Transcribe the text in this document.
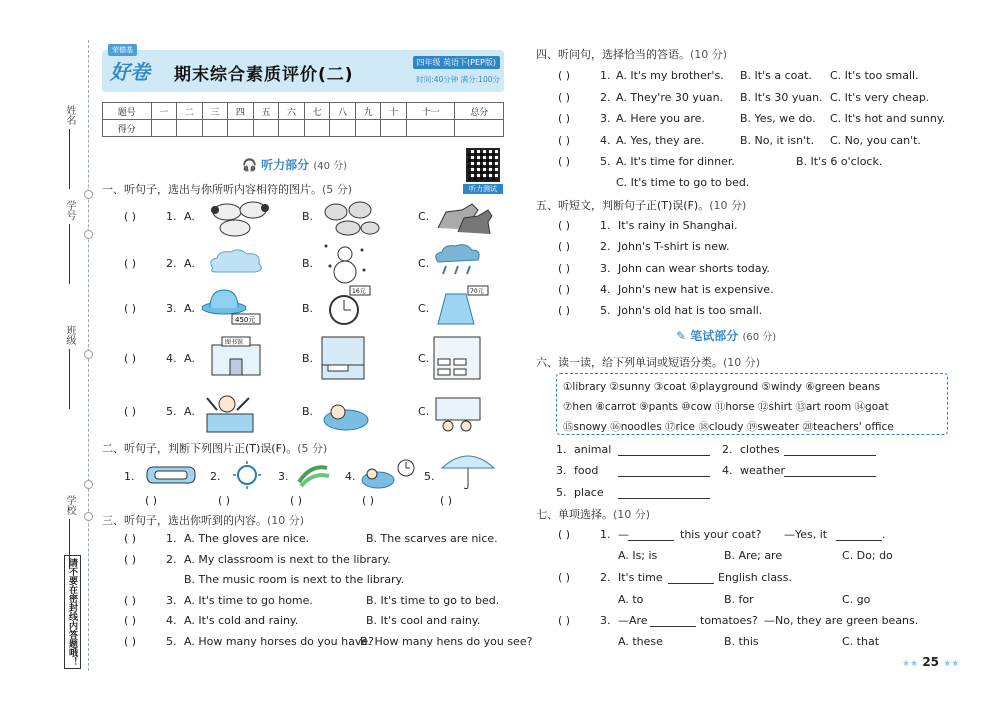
姓名
学号
班级
学校
请不要在密封线内答题哦！
荣德基
好卷 期末综合素质评价(二)
四年级 英语下(PEP版)
时间:40分钟 满分:100分
题号	一	二	三	四	五	六	七	八	九	十	十一	总分
得分												
听力测试
🎧 听力部分 (40 分)
一、听句子，选出与你所听内容相符的图片。(5 分)
( )	1. A.	B.	C.
( )	2. A.	B.	C.
( )	3. A.	B.	C.
( )	4. A.	B.	C.
( )	5. A.	B.	C.
450元
16元	70元
图书馆
二、听句子，判断下列图片正(T)误(F)。(5 分)
1.
( )
2.
( )
3.
( )
4.
( )
5.
( )
三、听句子，选出你听到的内容。(10 分)
( )	1. A. The gloves are nice.	B. The scarves are nice.
( )	2. A. My classroom is next to the library.
B. The music room is next to the library.
( )	3. A. It's time to go home.	B. It's time to go to bed.
( )	4. A. It's cold and rainy.	B. It's cool and rainy.
( )	5. A. How many horses do you have?
B. How many hens do you see?
四、听问句，选择恰当的答语。(10 分)
( )	1. A. It's my brother's. B. It's a coat. C. It's too small.
( )	2. A. They're 30 yuan. B. It's 30 yuan. C. It's very cheap.
( )	3. A. Here you are.	B. Yes, we do. C. It's hot and sunny.
( )	4. A. Yes, they are.	B. No, it isn't. C. No, you can't.
( )	5. A. It's time for dinner.	B. It's 6 o'clock.
C. It's time to go to bed.
五、听短文，判断句子正(T)误(F)。(10 分)
( )	1. It's rainy in Shanghai.
( )	2. John's T-shirt is new.
( )	3. John can wear shorts today.
( )	4. John's new hat is expensive.
( )	5. John's old hat is too small.
✎ 笔试部分 (60 分)
六、读一读，给下列单词或短语分类。(10 分)
①library ②sunny ③coat ④playground ⑤windy ⑥green beans
⑦hen ⑧carrot ⑨pants ⑩cow ⑪horse ⑫shirt ⑬art room ⑭goat
⑮snowy ⑯noodles ⑰rice ⑱cloudy ⑲sweater ⑳teachers' office
1. animal	2. clothes
3. food	4. weather
5. place
七、单项选择。(10 分)
( )	1. —	this your coat? —Yes, it	.
A. Is; is	B. Are; are	C. Do; do
( )	2. It's time	English class.
A. to	B. for	C. go
( )	3. —Are	tomatoes? —No, they are green beans.
A. these	B. this	C. that
★★ 25 ★★
